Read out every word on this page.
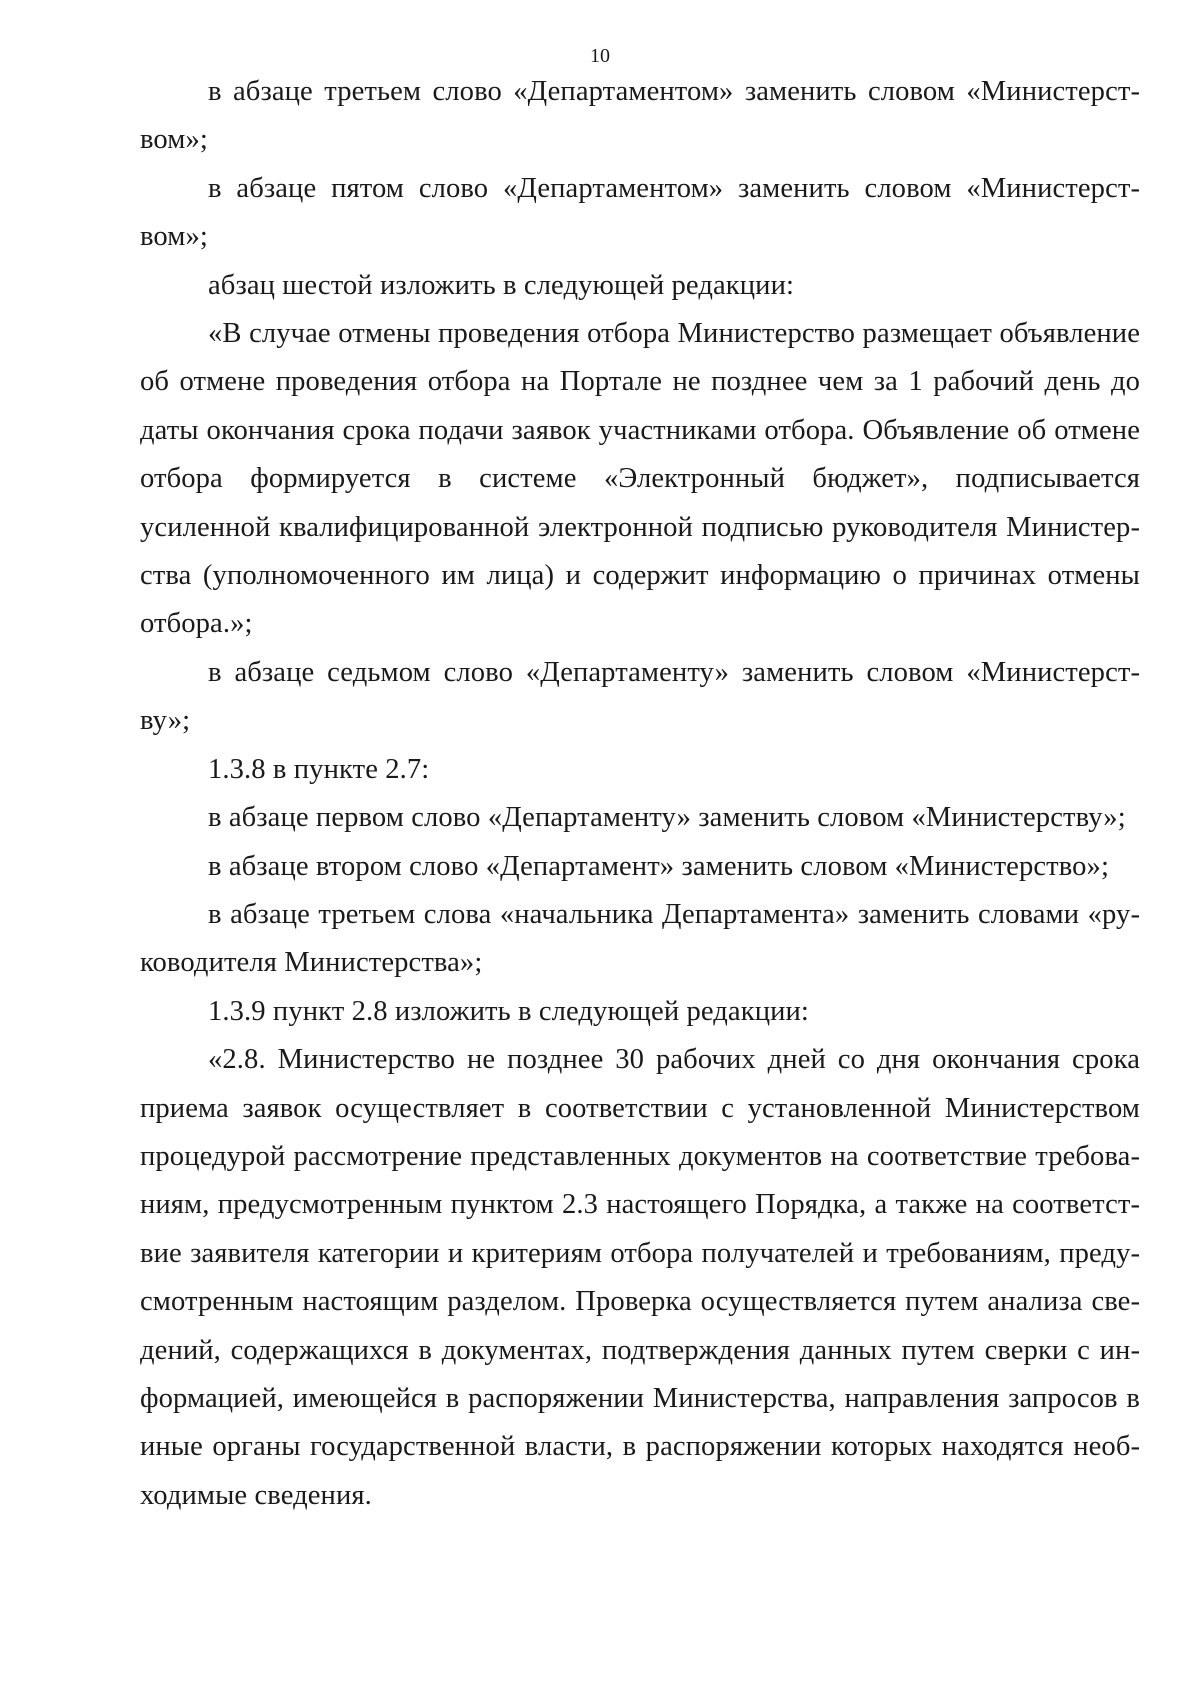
10

в абзаце третьем слово «Департаментом» заменить словом «Министерством»;

в абзаце пятом слово «Департаментом» заменить словом «Министерством»;

абзац шестой изложить в следующей редакции:

«В случае отмены проведения отбора Министерство размещает объявление об отмене проведения отбора на Портале не позднее чем за 1 рабочий день до даты окончания срока подачи заявок участниками отбора. Объявление об отмене отбора формируется в системе «Электронный бюджет», подписывается усиленной квалифицированной электронной подписью руководителя Министерства (уполномоченного им лица) и содержит информацию о причинах отмены отбора.»;

в абзаце седьмом слово «Департаменту» заменить словом «Министерству»;

1.3.8 в пункте 2.7:

в абзаце первом слово «Департаменту» заменить словом «Министерству»;

в абзаце втором слово «Департамент» заменить словом «Министерство»;

в абзаце третьем слова «начальника Департамента» заменить словами «руководителя Министерства»;

1.3.9 пункт 2.8 изложить в следующей редакции:

«2.8. Министерство не позднее 30 рабочих дней со дня окончания срока приема заявок осуществляет в соответствии с установленной Министерством процедурой рассмотрение представленных документов на соответствие требованиям, предусмотренным пунктом 2.3 настоящего Порядка, а также на соответствие заявителя категории и критериям отбора получателей и требованиям, предусмотренным настоящим разделом. Проверка осуществляется путем анализа сведений, содержащихся в документах, подтверждения данных путем сверки с информацией, имеющейся в распоряжении Министерства, направления запросов в иные органы государственной власти, в распоряжении которых находятся необходимые сведения.
